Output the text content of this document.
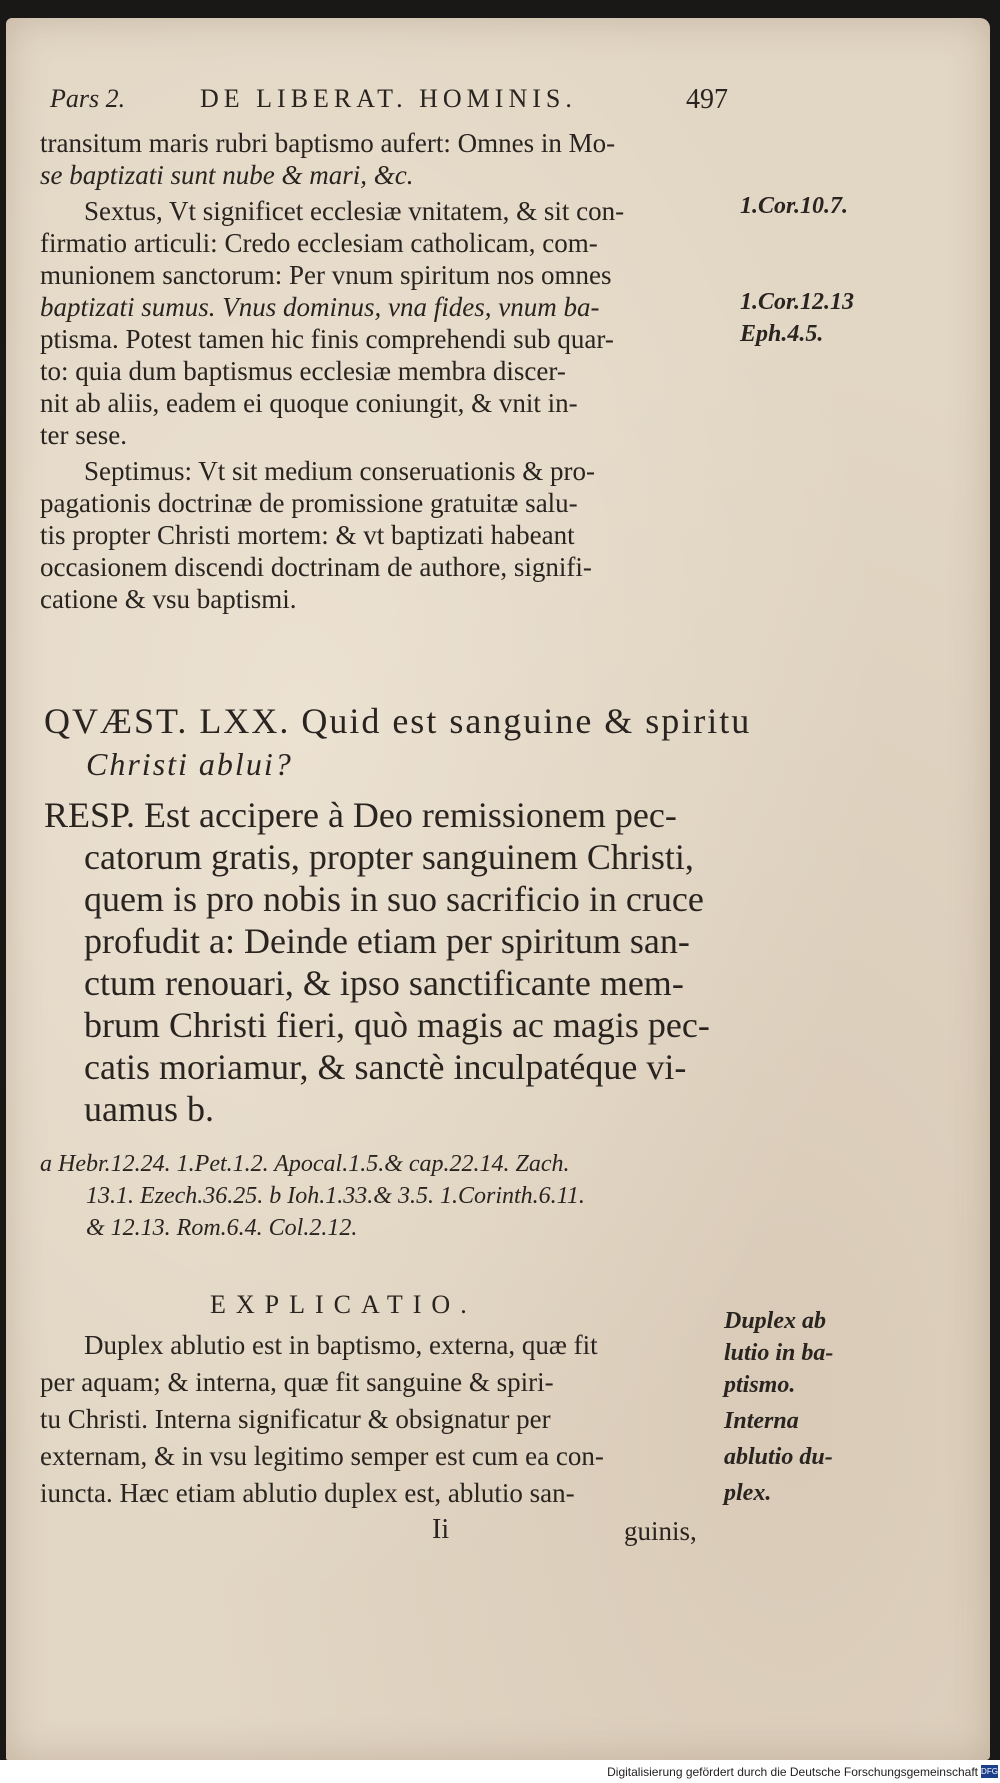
Pars 2.	DE LIBERAT. HOMINIS.	497
transitum maris rubri baptismo aufert: Omnes in Mo-
se baptizati sunt nube & mari, &c.
Sextus, Vt significet ecclesiæ vnitatem, & sit con-
firmatio articuli: Credo ecclesiam catholicam, com-
munionem sanctorum: Per vnum spiritum nos omnes
baptizati sumus. Vnus dominus, vna fides, vnum ba-
ptisma. Potest tamen hic finis comprehendi sub quar-
to: quia dum baptismus ecclesiæ membra discer-
nit ab aliis, eadem ei quoque coniungit, & vnit in-
ter sese.
Septimus: Vt sit medium conseruationis & pro-
pagationis doctrinæ de promissione gratuitæ salu-
tis propter Christi mortem: & vt baptizati habeant
occasionem discendi doctrinam de authore, signifi-
catione & vsu baptismi.
QVÆST. LXX. Quid est sanguine & spiritu
Christi ablui?
RESP. Est accipere à Deo remissionem pec-
catorum gratis, propter sanguinem Christi,
quem is pro nobis in suo sacrificio in cruce
profudit a: Deinde etiam per spiritum san-
ctum renouari, & ipso sanctificante mem-
brum Christi fieri, quò magis ac magis pec-
catis moriamur, & sanctè inculpatéque vi-
uamus b.
a Hebr.12.24. 1.Pet.1.2. Apocal.1.5.& cap.22.14. Zach.
13.1. Ezech.36.25. b Ioh.1.33.& 3.5. 1.Corinth.6.11.
& 12.13. Rom.6.4. Col.2.12.
EXPLICATIO.
Duplex ablutio est in baptismo, externa, quæ fit
per aquam; & interna, quæ fit sanguine & spiri-
tu Christi. Interna significatur & obsignatur per
externam, & in vsu legitimo semper est cum ea con-
iuncta. Hæc etiam ablutio duplex est, ablutio san-
1.Cor.10.7.
1.Cor.12.13
Eph.4.5.
Duplex ab
lutio in ba-
ptismo.
Interna
ablutio du-
plex.
Ii	guinis,
Digitalisierung gefördert durch die Deutsche Forschungsgemeinschaft DFG
